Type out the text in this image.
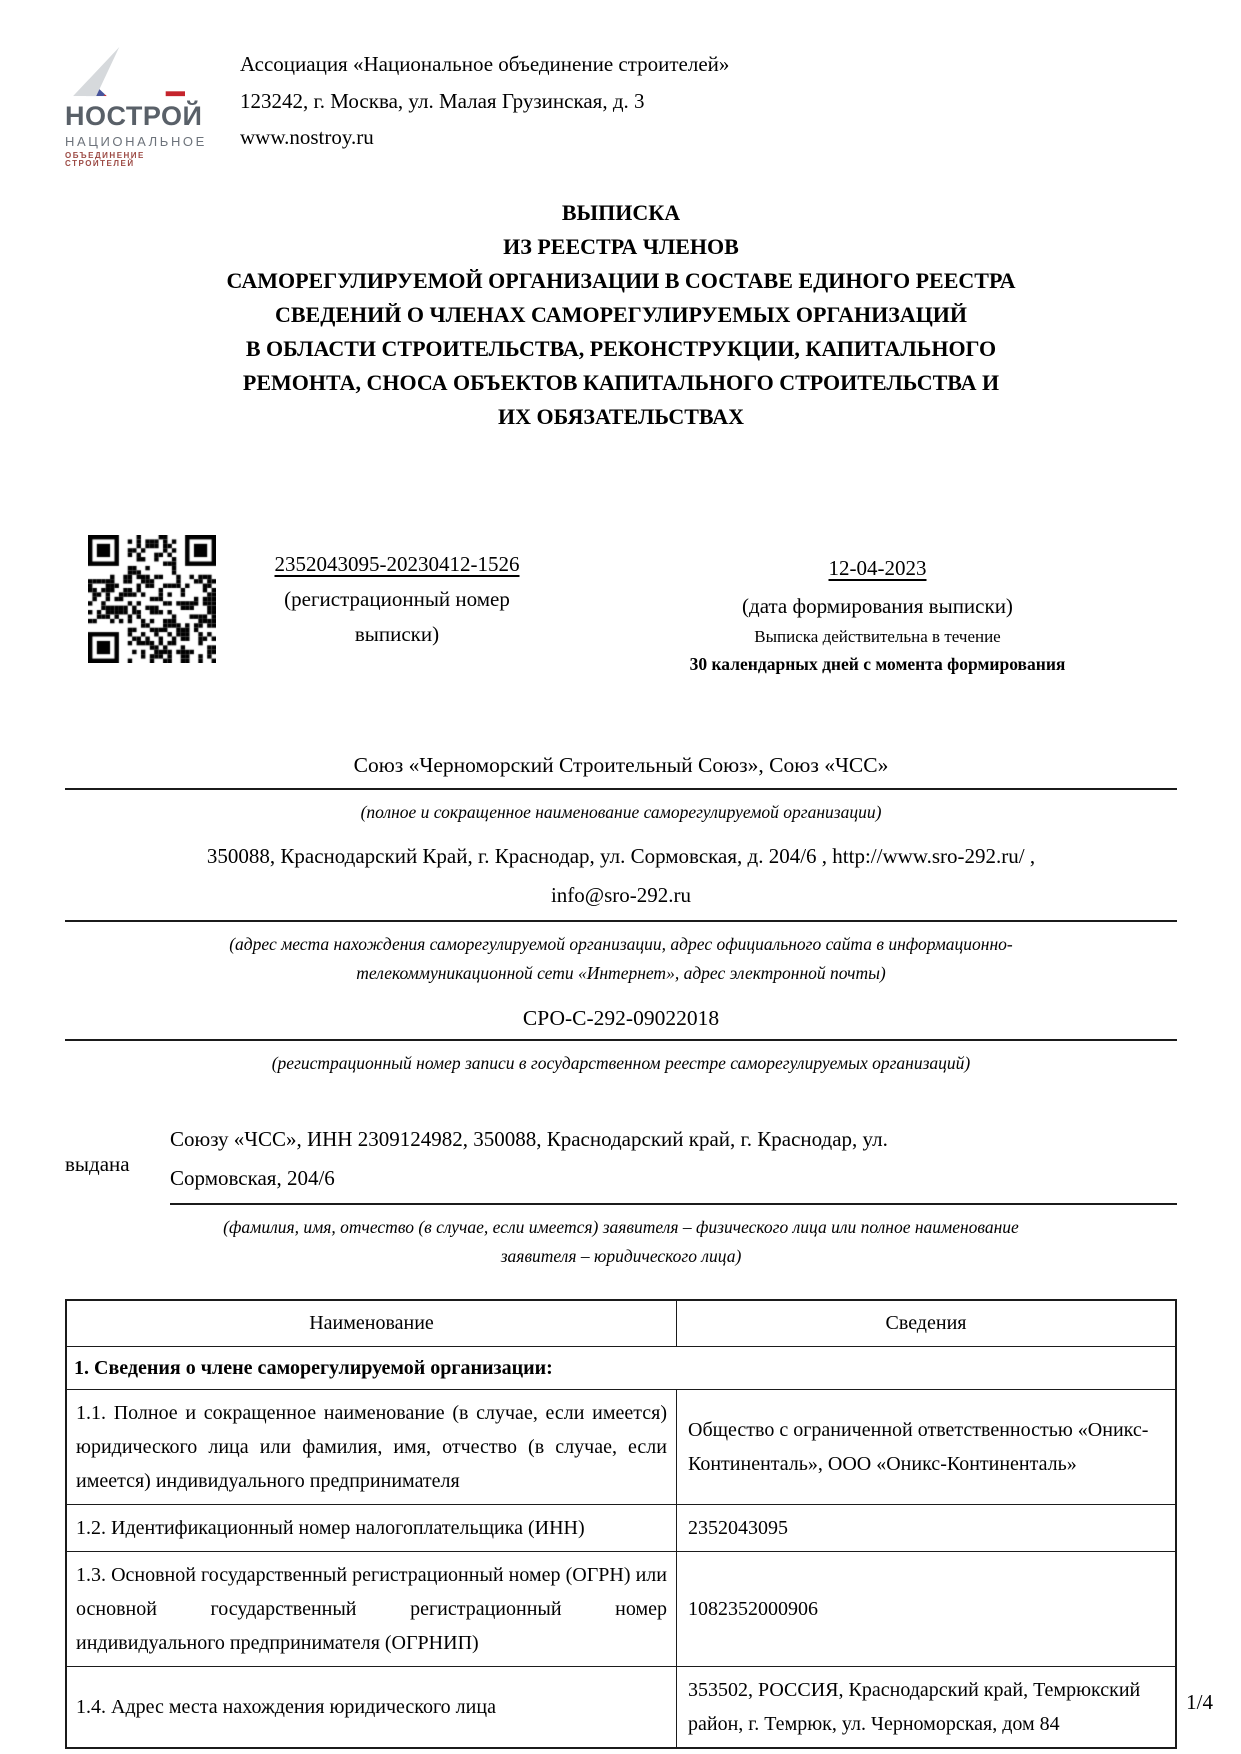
НОСТРОЙ
НАЦИОНАЛЬНОЕ
ОБЪЕДИНЕНИЕ СТРОИТЕЛЕЙ
Ассоциация «Национальное объединение строителей»
123242, г. Москва, ул. Малая Грузинская, д. 3
www.nostroy.ru
ВЫПИСКА
ИЗ РЕЕСТРА ЧЛЕНОВ
САМОРЕГУЛИРУЕМОЙ ОРГАНИЗАЦИИ В СОСТАВЕ ЕДИНОГО РЕЕСТРА
СВЕДЕНИЙ О ЧЛЕНАХ САМОРЕГУЛИРУЕМЫХ ОРГАНИЗАЦИЙ
В ОБЛАСТИ СТРОИТЕЛЬСТВА, РЕКОНСТРУКЦИИ, КАПИТАЛЬНОГО
РЕМОНТА, СНОСА ОБЪЕКТОВ КАПИТАЛЬНОГО СТРОИТЕЛЬСТВА И
ИХ ОБЯЗАТЕЛЬСТВАХ
2352043095-20230412-1526
(регистрационный номер
выписки)
12-04-2023
(дата формирования выписки)
Выписка действительна в течение
30 календарных дней с момента формирования
Союз «Черноморский Строительный Союз», Союз «ЧСС»
(полное и сокращенное наименование саморегулируемой организации)
350088, Краснодарский Край, г. Краснодар, ул. Сормовская, д. 204/6 , http://www.sro-292.ru/ ,
info@sro-292.ru
(адрес места нахождения саморегулируемой организации, адрес официального сайта в информационно-
телекоммуникационной сети «Интернет», адрес электронной почты)
СРО-С-292-09022018
(регистрационный номер записи в государственном реестре саморегулируемых организаций)
выдана
Союзу «ЧСС», ИНН 2309124982, 350088, Краснодарский край, г. Краснодар, ул.
Сормовская, 204/6
(фамилия, имя, отчество (в случае, если имеется) заявителя – физического лица или полное наименование
заявителя – юридического лица)
Наименование	Сведения
1. Сведения о члене саморегулируемой организации:	
1.1. Полное и сокращенное наименование (в случае, если имеется) юридического лица или фамилия, имя, отчество (в случае, если имеется) индивидуального предпринимателя	Общество с ограниченной ответственностью «Оникс-Континенталь», ООО «Оникс-Континенталь»
1.2. Идентификационный номер налогоплательщика (ИНН)	2352043095
1.3. Основной государственный регистрационный номер (ОГРН) или основной государственный регистрационный номер индивидуального предпринимателя (ОГРНИП)	1082352000906
1.4. Адрес места нахождения юридического лица	353502, РОССИЯ, Краснодарский край, Темрюкский район, г. Темрюк, ул. Черноморская, дом 84
1/4
